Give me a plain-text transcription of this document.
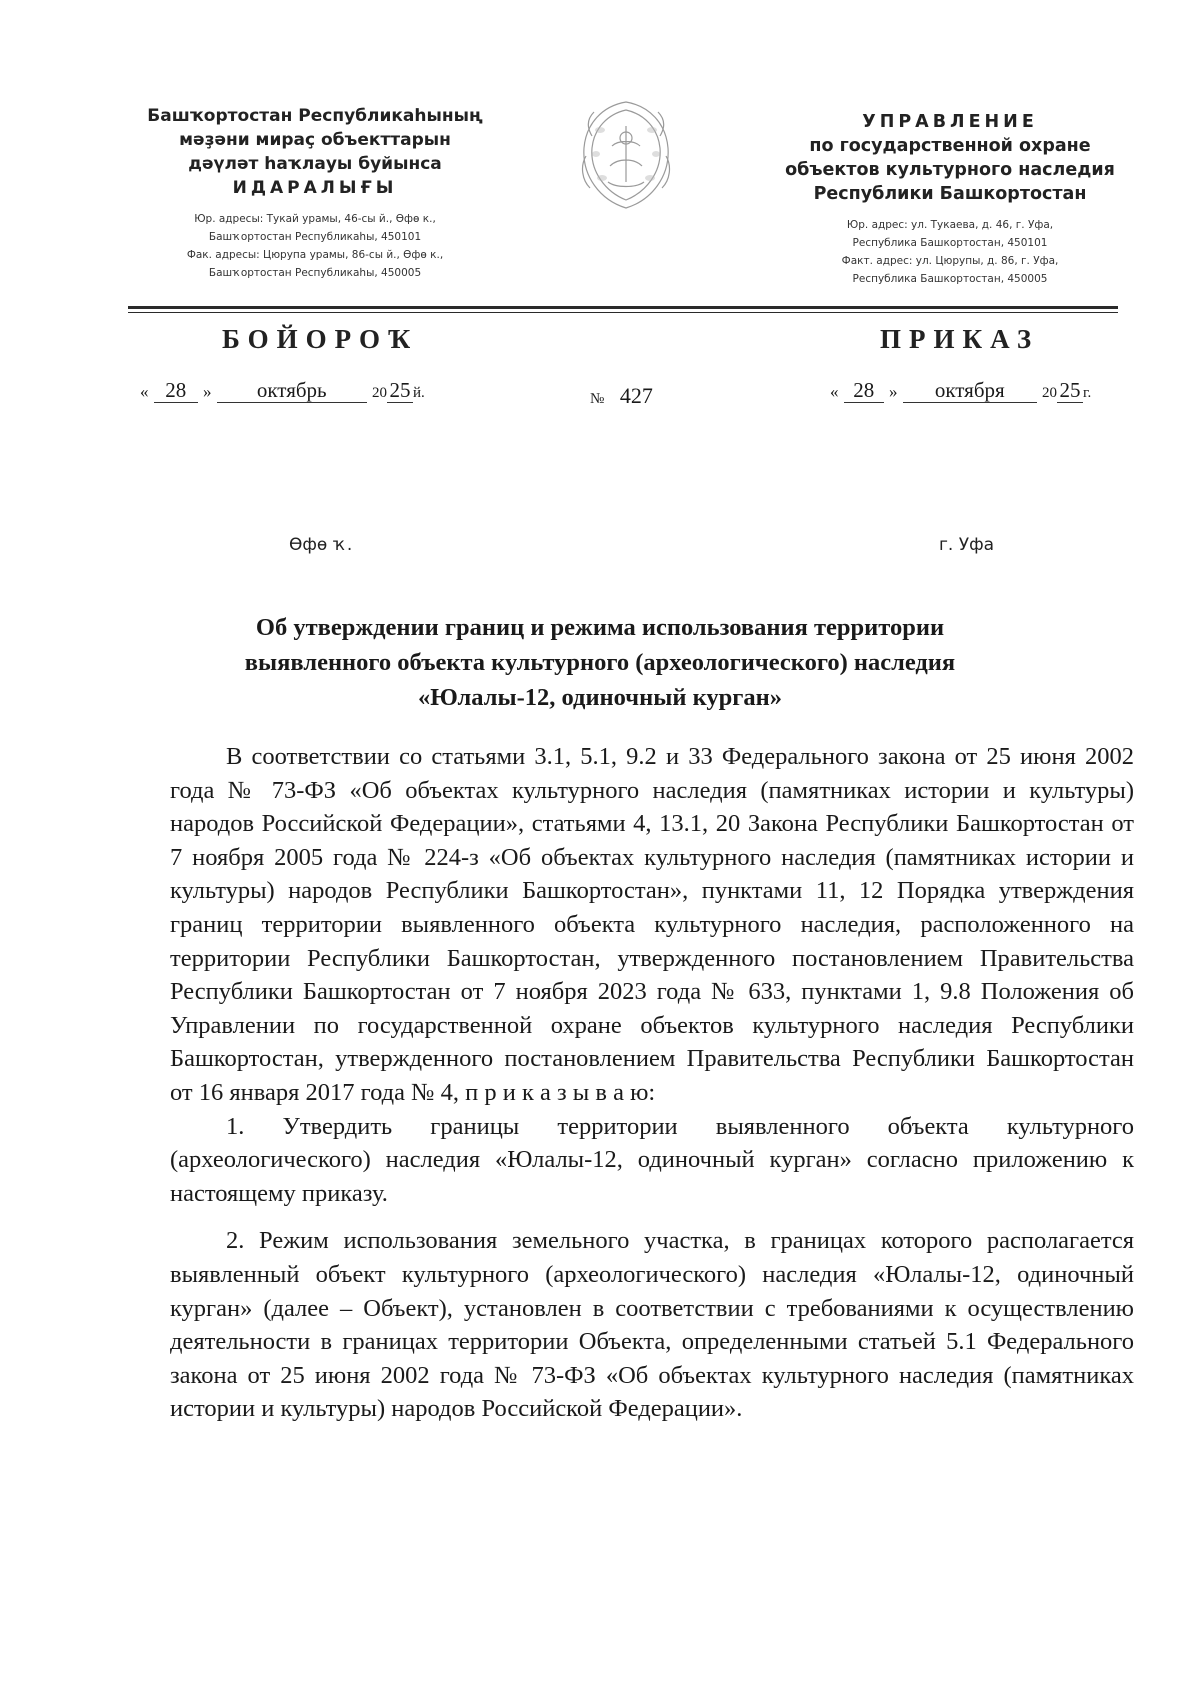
Башҡортостан Республикаһының
мәҙәни мираҫ объекттарын
дәүләт һаҡлауы буйынса
ИДАРАЛЫҒЫ
Юр. адресы: Тукай урамы, 46-сы й., Өфө к.,
Башҡортостан Республикаһы, 450101
Фак. адресы: Цюрупа урамы, 86-сы й., Өфө к.,
Башҡортостан Республикаһы, 450005
УПРАВЛЕНИЕ
по государственной охране
объектов культурного наследия
Республики Башкортостан
Юр. адрес: ул. Тукаева, д. 46, г. Уфа,
Республика Башкортостан, 450101
Факт. адрес: ул. Цюрупы, д. 86, г. Уфа,
Республика Башкортостан, 450005
БОЙОРОҠ	ПРИКАЗ
« 28 » октябрь	20 25 й.	№ 427	« 28 » октября 20 25 г.
Өфө ҡ.	г. Уфа
Об утверждении границ и режима использования территории
выявленного объекта культурного (археологического) наследия
«Юлалы-12, одиночный курган»

В соответствии со статьями 3.1, 5.1, 9.2 и 33 Федерального закона от 25 июня 2002 года № 73-ФЗ «Об объектах культурного наследия (памятниках истории и культуры) народов Российской Федерации», статьями 4, 13.1, 20 Закона Республики Башкортостан от 7 ноября 2005 года № 224-з «Об объектах культурного наследия (памятниках истории и культуры) народов Республики Башкортостан», пунктами 11, 12 Порядка утверждения границ территории выявленного объекта культурного наследия, расположенного на территории Республики Башкортостан, утвержденного постановлением Правительства Республики Башкортостан от 7 ноября 2023 года № 633, пунктами 1, 9.8 Положения об Управлении по государственной охране объектов культурного наследия Республики Башкортостан, утвержденного постановлением Правительства Республики Башкортостан от 16 января 2017 года № 4, п р и к а з ы в а ю:

1. Утвердить границы территории выявленного объекта культурного (археологического) наследия «Юлалы-12, одиночный курган» согласно приложению к настоящему приказу.

2. Режим использования земельного участка, в границах которого располагается выявленный объект культурного (археологического) наследия «Юлалы-12, одиночный курган» (далее – Объект), установлен в соответствии с требованиями к осуществлению деятельности в границах территории Объекта, определенными статьей 5.1 Федерального закона от 25 июня 2002 года № 73-ФЗ «Об объектах культурного наследия (памятниках истории и культуры) народов Российской Федерации».
